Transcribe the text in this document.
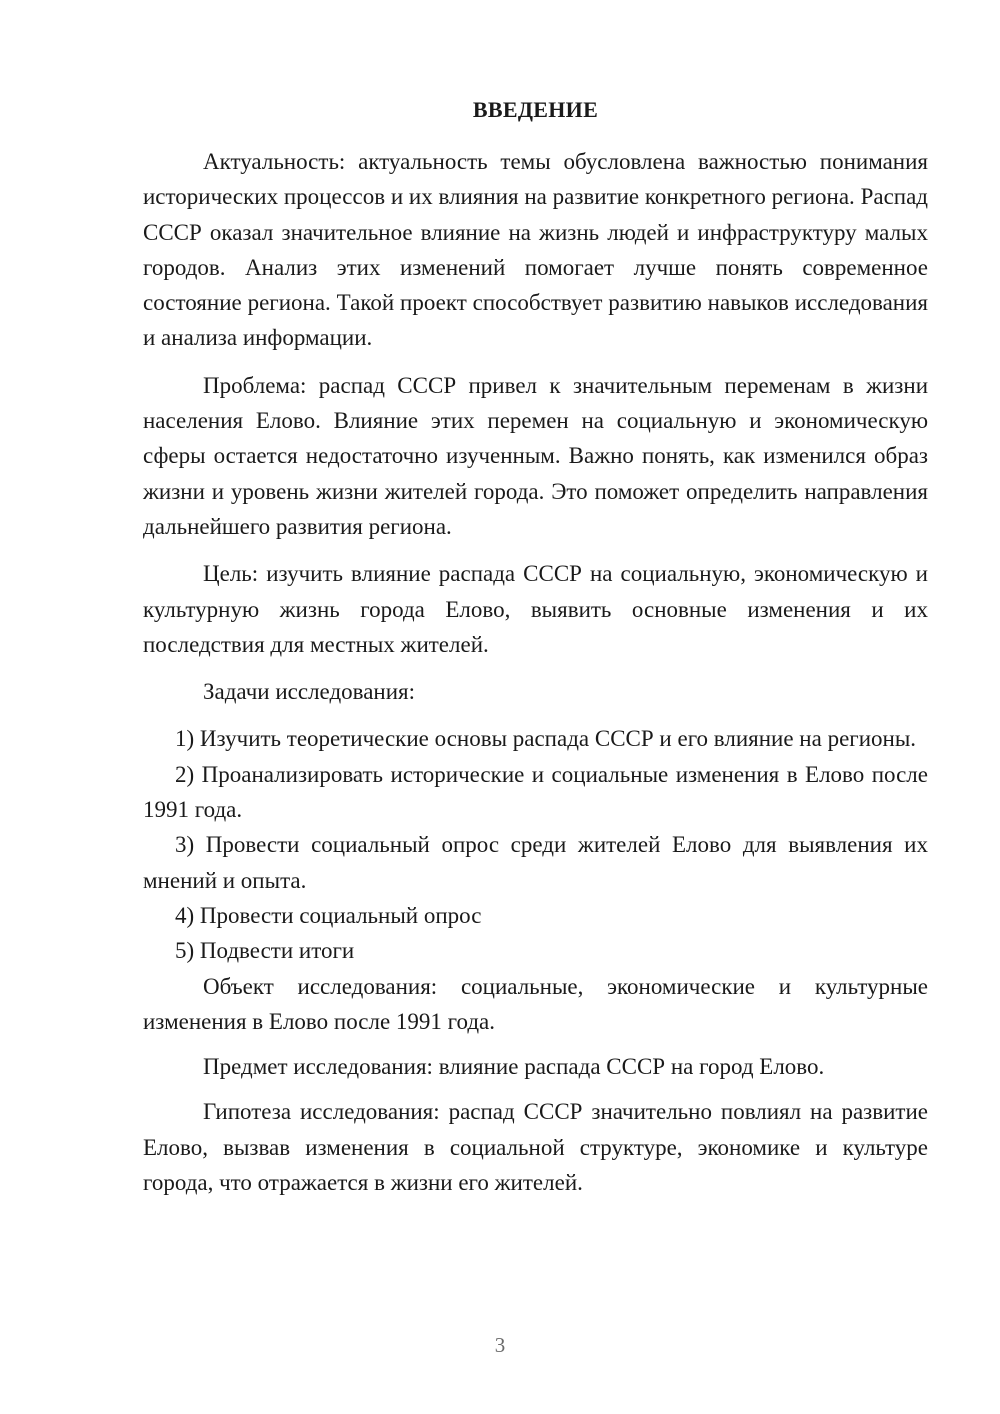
ВВЕДЕНИЕ

Актуальность: актуальность темы обусловлена важностью понимания исторических процессов и их влияния на развитие конкретного региона. Распад СССР оказал значительное влияние на жизнь людей и инфраструктуру малых городов. Анализ этих изменений помогает лучше понять современное состояние региона. Такой проект способствует развитию навыков исследования и анализа информации.

Проблема: распад СССР привел к значительным переменам в жизни населения Елово. Влияние этих перемен на социальную и экономическую сферы остается недостаточно изученным. Важно понять, как изменился образ жизни и уровень жизни жителей города. Это поможет определить направления дальнейшего развития региона.

Цель: изучить влияние распада СССР на социальную, экономическую и культурную жизнь города Елово, выявить основные изменения и их последствия для местных жителей.

Задачи исследования:

1) Изучить теоретические основы распада СССР и его влияние на регионы.

2) Проанализировать исторические и социальные изменения в Елово после 1991 года.

3) Провести социальный опрос среди жителей Елово для выявления их мнений и опыта.

4) Провести социальный опрос

5) Подвести итоги

Объект исследования: социальные, экономические и культурные изменения в Елово после 1991 года.

Предмет исследования: влияние распада СССР на город Елово.

Гипотеза исследования: распад СССР значительно повлиял на развитие Елово, вызвав изменения в социальной структуре, экономике и культуре города, что отражается в жизни его жителей.

3
